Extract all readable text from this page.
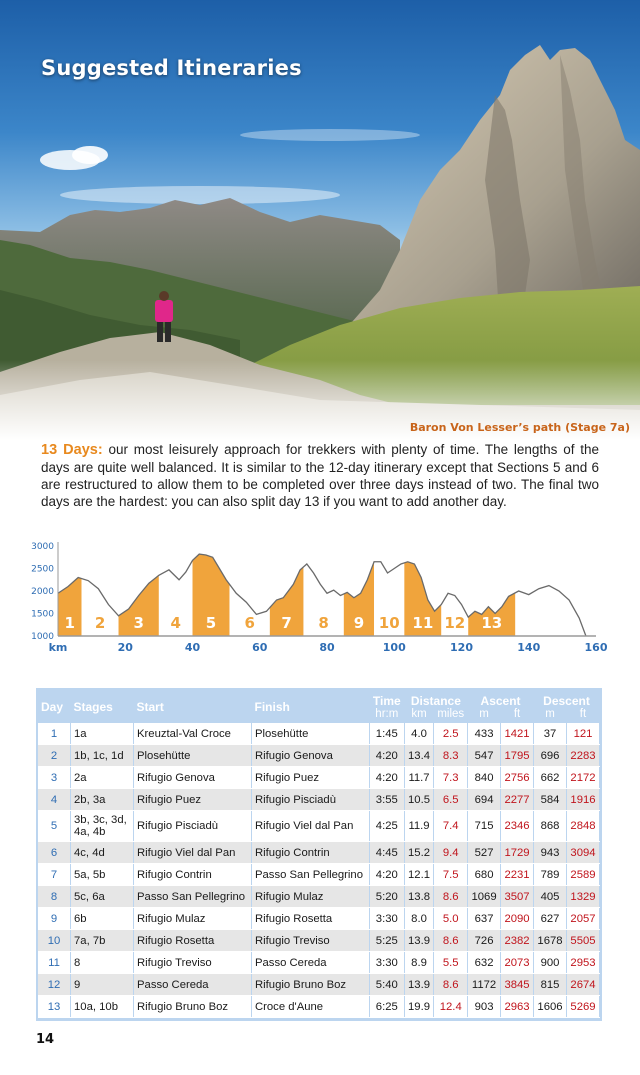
Suggested Itineraries
Baron Von Lesser’s path (Stage 7a)

13 Days: our most leisurely approach for trekkers with plenty of time. The lengths of the days are quite well balanced. It is similar to the 12-day itinerary except that Sections 5 and 6 are restructured to allow them to be completed over three days instead of two. The final two days are the hardest: you can also split day 13 if you want to add another day.

3000
2500
2000
1500
1000
20	40	60	80	100	120	140	160
km
1 2 3 4 5 6 7 8 9 10 11 12 13
Day	Stages	Start	Finish	Time	Distance		Ascent		Descent	
				hr:m	km	miles	m	ft	m	ft
1	1a	Kreuztal-Val Croce	Plosehütte	1:45	4.0	2.5	433	1421	37	121
2	1b, 1c, 1d	Plosehütte	Rifugio Genova	4:20	13.4	8.3	547	1795	696	2283
3	2a	Rifugio Genova	Rifugio Puez	4:20	11.7	7.3	840	2756	662	2172
4	2b, 3a	Rifugio Puez	Rifugio Pisciadù	3:55	10.5	6.5	694	2277	584	1916
5	3b, 3c, 3d, 4a, 4b	Rifugio Pisciadù	Rifugio Viel dal Pan	4:25	11.9	7.4	715	2346	868	2848
6	4c, 4d	Rifugio Viel dal Pan	Rifugio Contrin	4:45	15.2	9.4	527	1729	943	3094
7	5a, 5b	Rifugio Contrin	Passo San Pellegrino	4:20	12.1	7.5	680	2231	789	2589
8	5c, 6a	Passo San Pellegrino	Rifugio Mulaz	5:20	13.8	8.6	1069	3507	405	1329
9	6b	Rifugio Mulaz	Rifugio Rosetta	3:30	8.0	5.0	637	2090	627	2057
10	7a, 7b	Rifugio Rosetta	Rifugio Treviso	5:25	13.9	8.6	726	2382	1678	5505
11	8	Rifugio Treviso	Passo Cereda	3:30	8.9	5.5	632	2073	900	2953
12	9	Passo Cereda	Rifugio Bruno Boz	5:40	13.9	8.6	1172	3845	815	2674
13	10a, 10b	Rifugio Bruno Boz	Croce d'Aune	6:25	19.9	12.4	903	2963	1606	5269
14
